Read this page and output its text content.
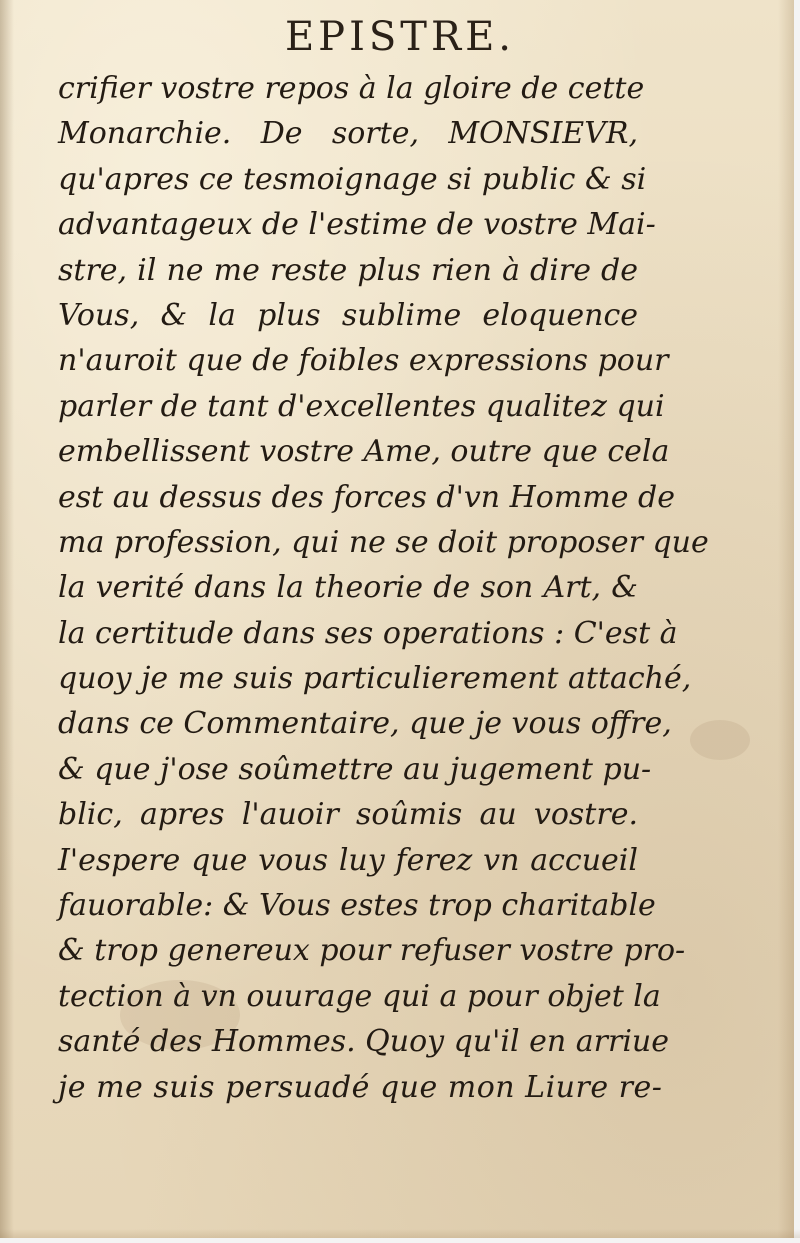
EPISTRE.
crifier vostre repos à la gloire de cette
Monarchie. De sorte, MONSIEVR,
qu'apres ce tesmoignage si public & si
advantageux de l'estime de vostre Mai-
stre, il ne me reste plus rien à dire de
Vous, & la plus sublime eloquence
n'auroit que de foibles expressions pour
parler de tant d'excellentes qualitez qui
embellissent vostre Ame, outre que cela
est au dessus des forces d'vn Homme de
ma profession, qui ne se doit proposer que
la verité dans la theorie de son Art, &
la certitude dans ses operations : C'est à
quoy je me suis particulierement attaché,
dans ce Commentaire, que je vous offre,
& que j'ose soûmettre au jugement pu-
blic, apres l'auoir soûmis au vostre.
I'espere que vous luy ferez vn accueil
fauorable: & Vous estes trop charitable
& trop genereux pour refuser vostre pro-
tection à vn ouurage qui a pour objet la
santé des Hommes. Quoy qu'il en arriue
je me suis persuadé que mon Liure re-
